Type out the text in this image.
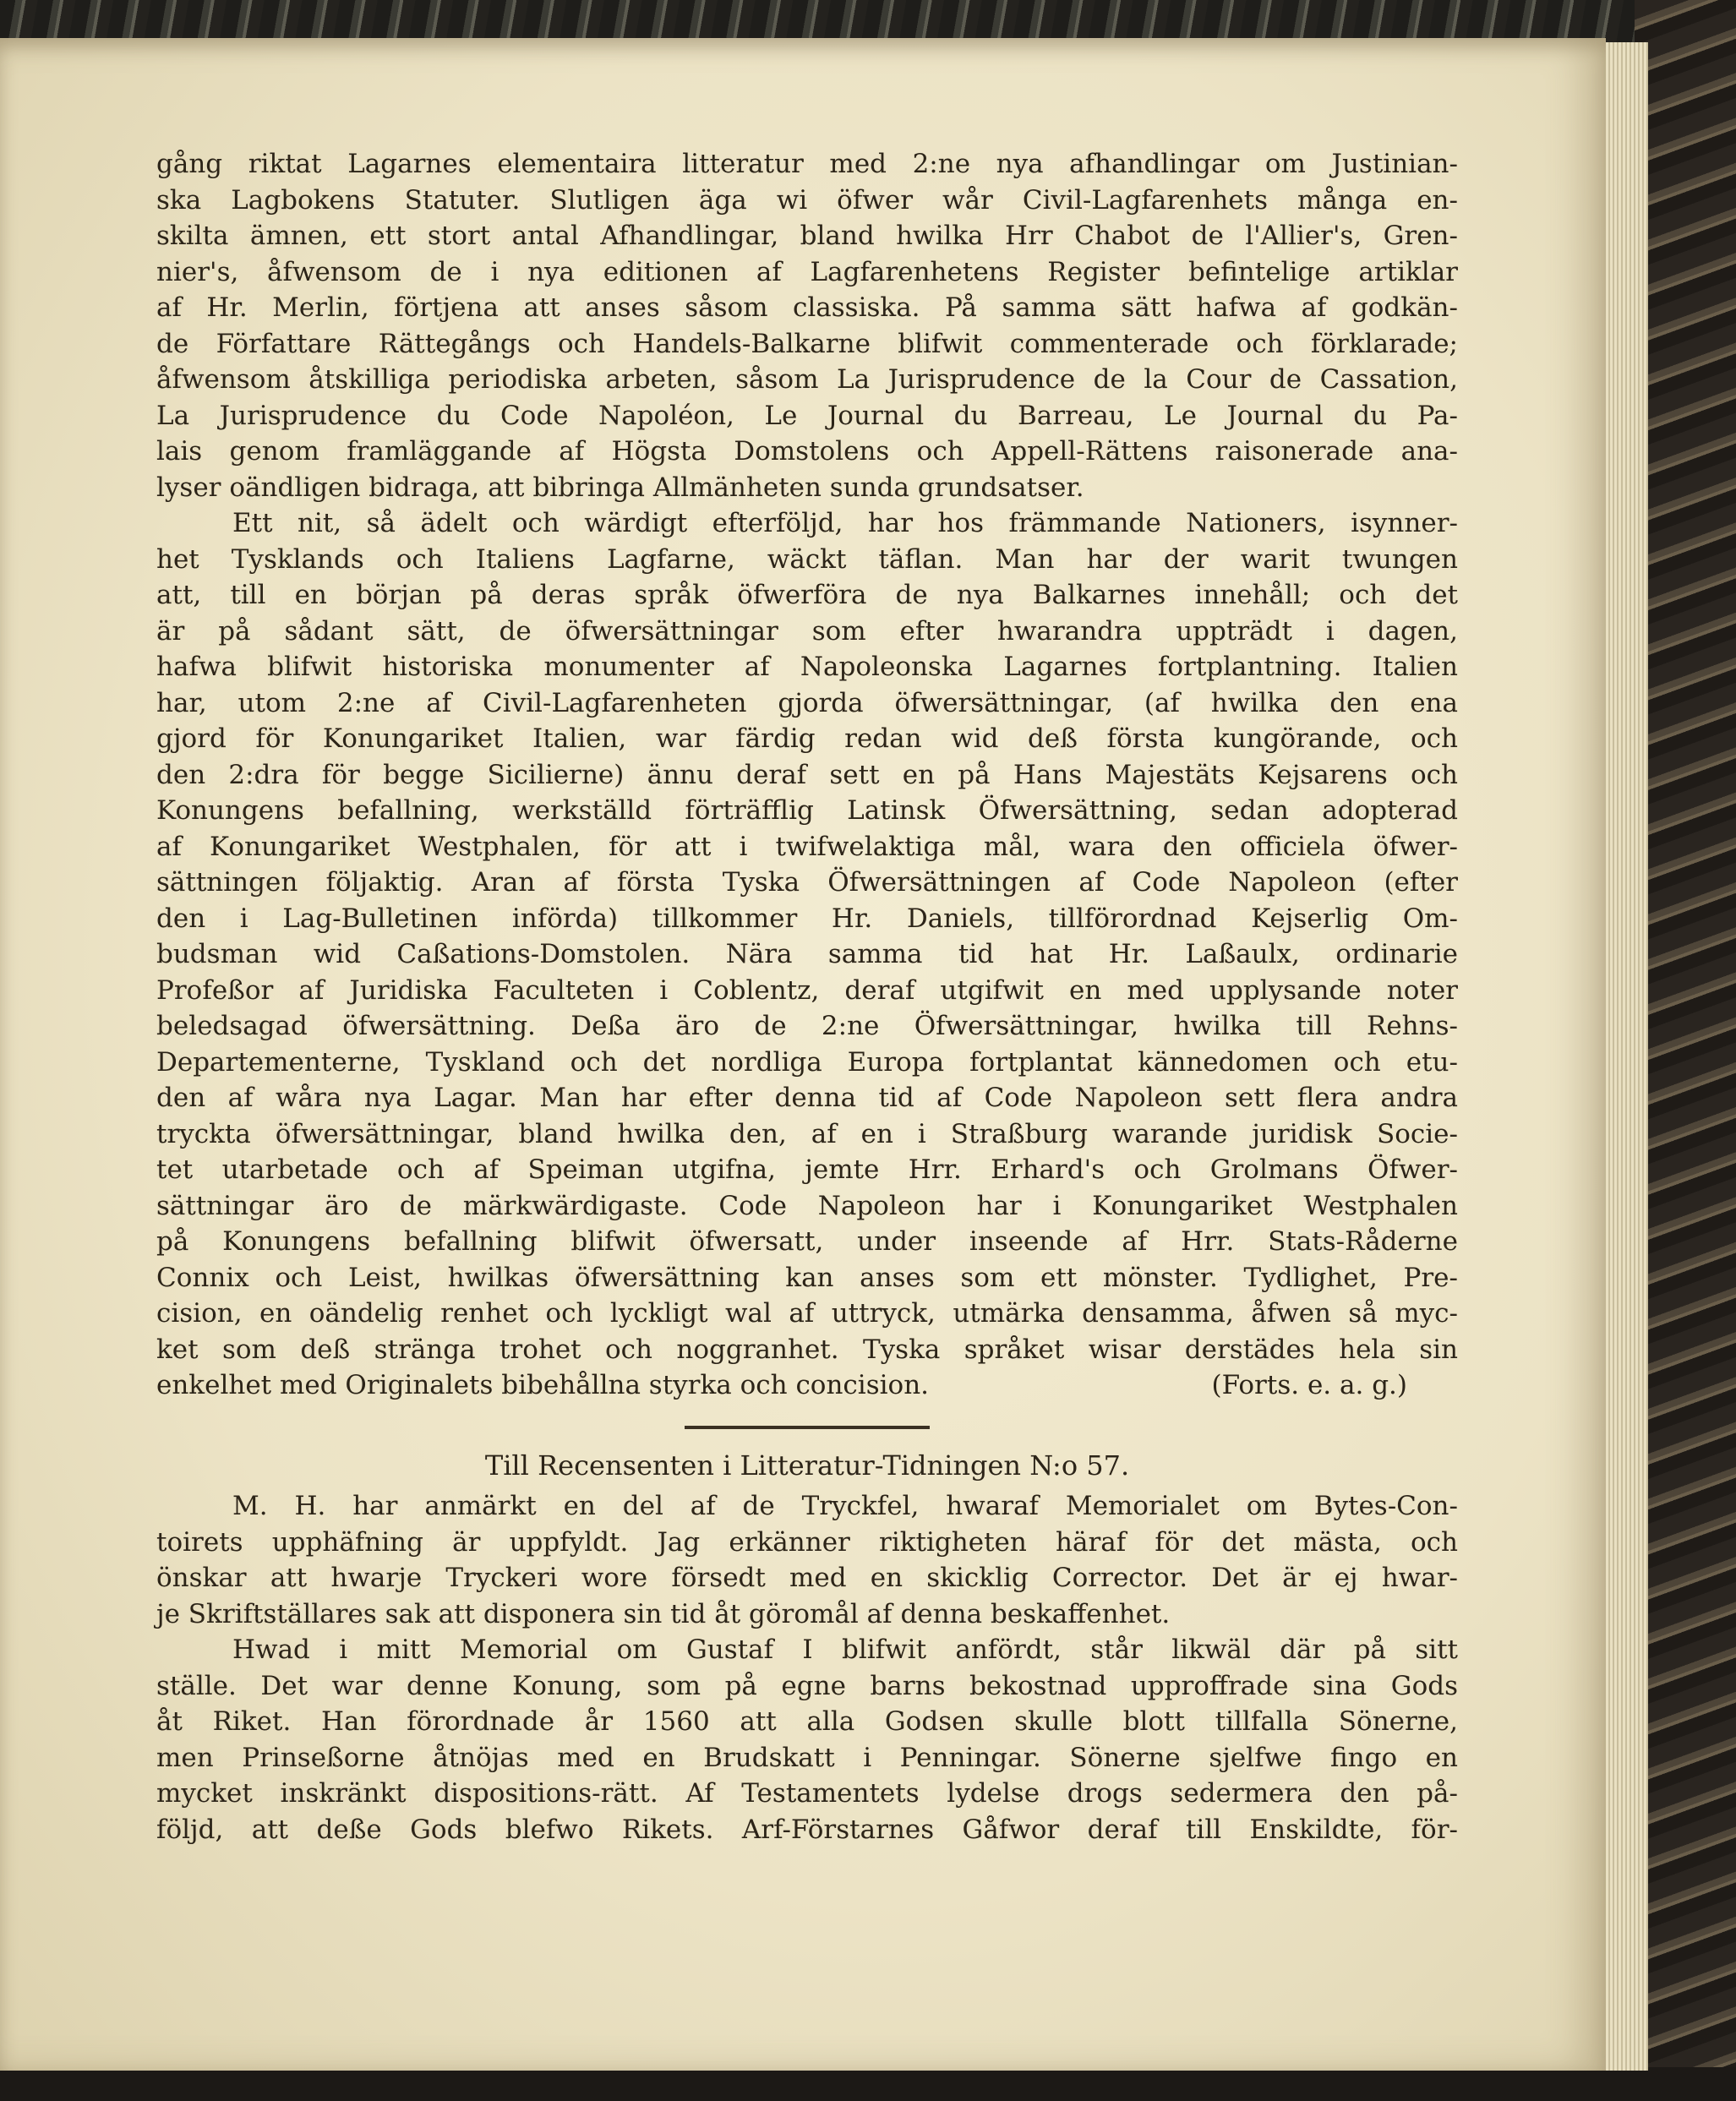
gång riktat Lagarnes elementaira litteratur med 2:ne nya afhandlingar om Justinian-
ska Lagbokens Statuter. Slutligen äga wi öfwer wår Civil-Lagfarenhets många en-
skilta ämnen, ett stort antal Afhandlingar, bland hwilka Hrr Chabot de l'Allier's, Gren-
nier's, åfwensom de i nya editionen af Lagfarenhetens Register befintelige artiklar
af Hr. Merlin, förtjena att anses såsom classiska. På samma sätt hafwa af godkän-
de Författare Rättegångs och Handels-Balkarne blifwit commenterade och förklarade;
åfwensom åtskilliga periodiska arbeten, såsom La Jurisprudence de la Cour de Cassation,
La Jurisprudence du Code Napoléon, Le Journal du Barreau, Le Journal du Pa-
lais genom framläggande af Högsta Domstolens och Appell-Rättens raisonerade ana-
lyser oändligen bidraga, att bibringa Allmänheten sunda grundsatser.
Ett nit, så ädelt och wärdigt efterföljd, har hos främmande Nationers, isynner-
het Tysklands och Italiens Lagfarne, wäckt täflan. Man har der warit twungen
att, till en början på deras språk öfwerföra de nya Balkarnes innehåll; och det
är på sådant sätt, de öfwersättningar som efter hwarandra uppträdt i dagen,
hafwa blifwit historiska monumenter af Napoleonska Lagarnes fortplantning. Italien
har, utom 2:ne af Civil-Lagfarenheten gjorda öfwersättningar, (af hwilka den ena
gjord för Konungariket Italien, war färdig redan wid deß första kungörande, och
den 2:dra för begge Sicilierne) ännu deraf sett en på Hans Majestäts Kejsarens och
Konungens befallning, werkställd förträfflig Latinsk Öfwersättning, sedan adopterad
af Konungariket Westphalen, för att i twifwelaktiga mål, wara den officiela öfwer-
sättningen följaktig. Aran af första Tyska Öfwersättningen af Code Napoleon (efter
den i Lag-Bulletinen införda) tillkommer Hr. Daniels, tillförordnad Kejserlig Om-
budsman wid Caßations-Domstolen. Nära samma tid hat Hr. Laßaulx, ordinarie
Profeßor af Juridiska Faculteten i Coblentz, deraf utgifwit en med upplysande noter
beledsagad öfwersättning. Deßa äro de 2:ne Öfwersättningar, hwilka till Rehns-
Departementerne, Tyskland och det nordliga Europa fortplantat kännedomen och etu-
den af wåra nya Lagar. Man har efter denna tid af Code Napoleon sett flera andra
tryckta öfwersättningar, bland hwilka den, af en i Straßburg warande juridisk Socie-
tet utarbetade och af Speiman utgifna, jemte Hrr. Erhard's och Grolmans Öfwer-
sättningar äro de märkwärdigaste. Code Napoleon har i Konungariket Westphalen
på Konungens befallning blifwit öfwersatt, under inseende af Hrr. Stats-Råderne
Connix och Leist, hwilkas öfwersättning kan anses som ett mönster. Tydlighet, Pre-
cision, en oändelig renhet och lyckligt wal af uttryck, utmärka densamma, åfwen så myc-
ket som deß stränga trohet och noggranhet. Tyska språket wisar derstädes hela sin
enkelhet med Originalets bibehållna styrka och concision.	(Forts. e. a. g.)
Till Recensenten i Litteratur-Tidningen N:o 57.
M. H. har anmärkt en del af de Tryckfel, hwaraf Memorialet om Bytes-Con-
toirets upphäfning är uppfyldt. Jag erkänner riktigheten häraf för det mästa, och
önskar att hwarje Tryckeri wore försedt med en skicklig Corrector. Det är ej hwar-
je Skriftställares sak att disponera sin tid åt göromål af denna beskaffenhet.
Hwad i mitt Memorial om Gustaf I blifwit anfördt, står likwäl där på sitt
ställe. Det war denne Konung, som på egne barns bekostnad upproffrade sina Gods
åt Riket. Han förordnade år 1560 att alla Godsen skulle blott tillfalla Sönerne,
men Prinseßorne åtnöjas med en Brudskatt i Penningar. Sönerne sjelfwe fingo en
mycket inskränkt dispositions-rätt. Af Testamentets lydelse drogs sedermera den på-
följd, att deße Gods blefwo Rikets. Arf-Förstarnes Gåfwor deraf till Enskildte, för-
